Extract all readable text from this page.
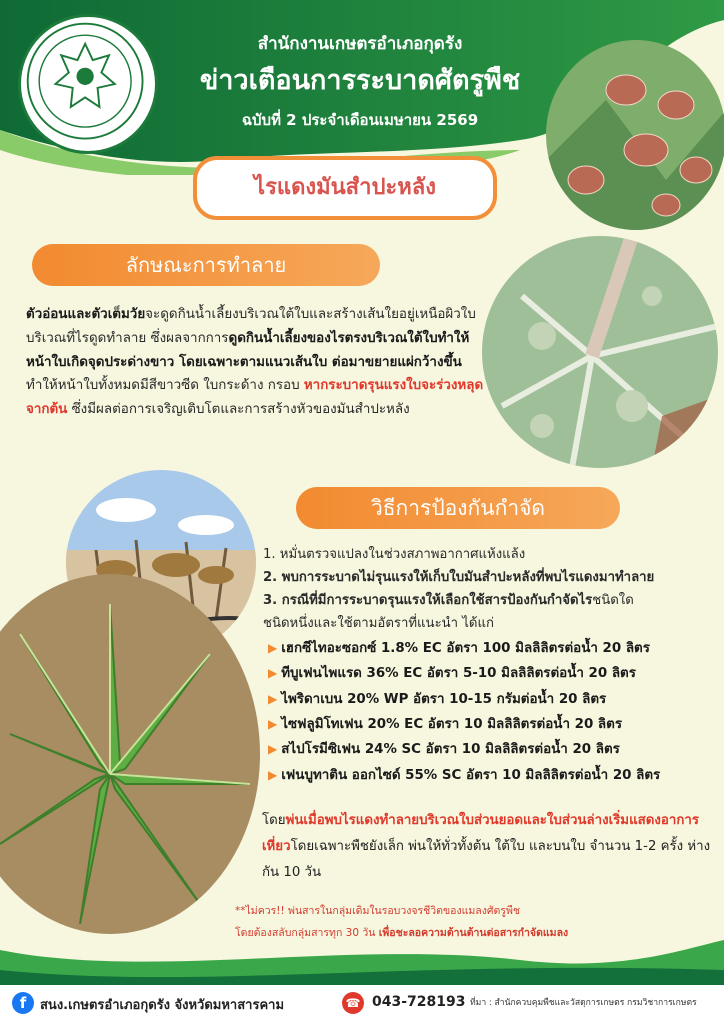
สำนักงานเกษตรอำเภอกุดรัง
ข่าวเตือนการระบาดศัตรูพืช
ฉบับที่ 2 ประจำเดือนเมษายน 2569
ไรแดงมันสำปะหลัง
ลักษณะการทำลาย
ตัวอ่อนและตัวเต็มวัยจะดูดกินน้ำเลี้ยงบริเวณใต้ใบและสร้างเส้นใยอยู่เหนือผิวใบบริเวณที่ไรดูดทำลาย ซึ่งผลจากการดูดกินน้ำเลี้ยงของไรตรงบริเวณใต้ใบทำให้หน้าใบเกิดจุดประด่างขาว โดยเฉพาะตามแนวเส้นใบ ต่อมาขยายแผ่กว้างขึ้น ทำให้หน้าใบทั้งหมดมีสีขาวซีด ใบกระด้าง กรอบ หากระบาดรุนแรงใบจะร่วงหลุดจากต้น ซึ่งมีผลต่อการเจริญเติบโตและการสร้างหัวของมันสำปะหลัง
วิธีการป้องกันกำจัด
1. หมั่นตรวจแปลงในช่วงสภาพอากาศแห้งแล้ง
2. พบการระบาดไม่รุนแรงให้เก็บใบมันสำปะหลังที่พบไรแดงมาทำลาย
3. กรณีที่มีการระบาดรุนแรงให้เลือกใช้สารป้องกันกำจัดไรชนิดใด
ชนิดหนึ่งและใช้ตามอัตราที่แนะนำ ได้แก่
▶ เฮกซีไทอะซอกซ์ 1.8% EC อัตรา 100 มิลลิลิตรต่อน้ำ 20 ลิตร
▶ ทีบูเฟนไพแรด 36% EC อัตรา 5-10 มิลลิลิตรต่อน้ำ 20 ลิตร
▶ ไพริดาเบน 20% WP อัตรา 10-15 กรัมต่อน้ำ 20 ลิตร
▶ ไซฟลูมิโทเฟน 20% EC อัตรา 10 มิลลิลิตรต่อน้ำ 20 ลิตร
▶ สไปโรมีซิเฟน 24% SC อัตรา 10 มิลลิลิตรต่อน้ำ 20 ลิตร
▶ เฟนบูทาติน ออกไซด์ 55% SC อัตรา 10 มิลลิลิตรต่อน้ำ 20 ลิตร
โดยพ่นเมื่อพบไรแดงทำลายบริเวณใบส่วนยอดและใบส่วนล่างเริ่มแสดงอาการเหี่ยวโดยเฉพาะพืชยังเล็ก พ่นให้ทั่วทั้งต้น ใต้ใบ และบนใบ จำนวน 1-2 ครั้ง ห่างกัน 10 วัน
**ไม่ควร!! พ่นสารในกลุ่มเดิมในรอบวงจรชีวิตของแมลงศัตรูพืช
โดยต้องสลับกลุ่มสารทุก 30 วัน เพื่อชะลอความต้านต้านต่อสารกำจัดแมลง
f	สนง.เกษตรอำเภอกุดรัง จังหวัดมหาสารคาม	☎ 043-728193 ที่มา : สำนักควบคุมพืชและวัสดุการเกษตร กรมวิชาการเกษตร
